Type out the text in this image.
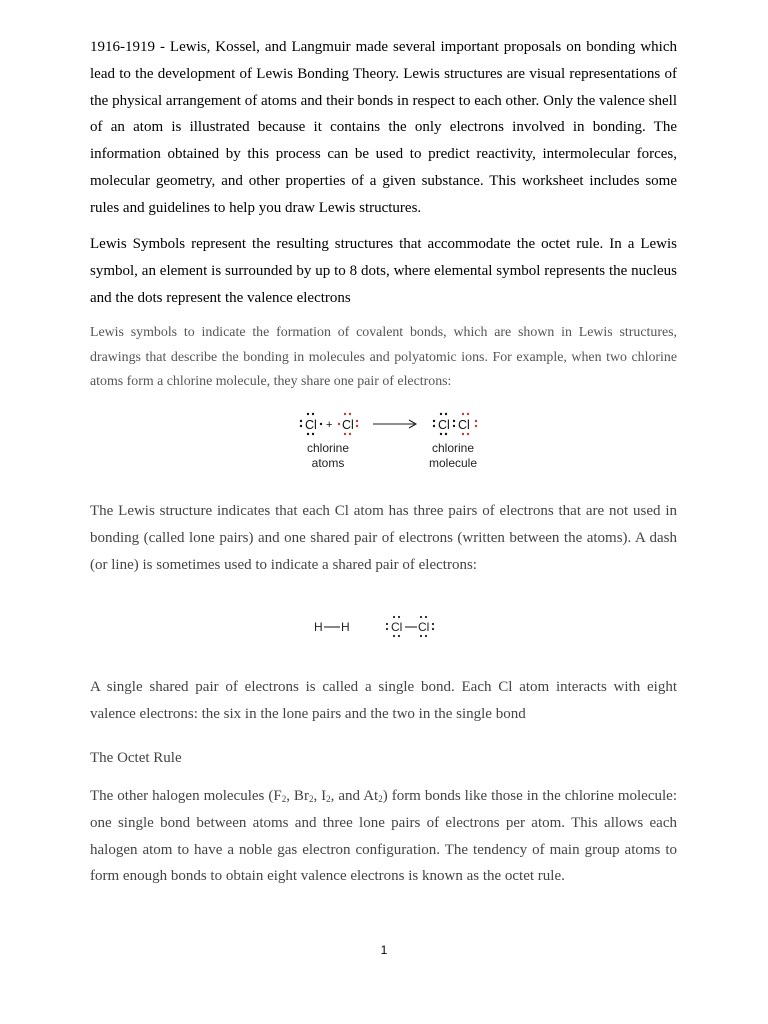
1916-1919 - Lewis, Kossel, and Langmuir made several important proposals on bonding which lead to the development of Lewis Bonding Theory. Lewis structures are visual representations of the physical arrangement of atoms and their bonds in respect to each other. Only the valence shell of an atom is illustrated because it contains the only electrons involved in bonding. The information obtained by this process can be used to predict reactivity, intermolecular forces, molecular geometry, and other properties of a given substance. This worksheet includes some rules and guidelines to help you draw Lewis structures.

Lewis Symbols represent the resulting structures that accommodate the octet rule. In a Lewis symbol, an element is surrounded by up to 8 dots, where elemental symbol represents the nucleus and the dots represent the valence electrons

Lewis symbols to indicate the formation of covalent bonds, which are shown in Lewis structures, drawings that describe the bonding in molecules and polyatomic ions. For example, when two chlorine atoms form a chlorine molecule, they share one pair of electrons:

Cl + Cl	Cl Cl
chlorine
atoms
chlorine
molecule

The Lewis structure indicates that each Cl atom has three pairs of electrons that are not used in bonding (called lone pairs) and one shared pair of electrons (written between the atoms). A dash (or line) is sometimes used to indicate a shared pair of electrons:

H H	Cl Cl

A single shared pair of electrons is called a single bond. Each Cl atom interacts with eight valence electrons: the six in the lone pairs and the two in the single bond

The Octet Rule

The other halogen molecules ($F_2$, $Br_2$, $I_2$, and $At_2$) form bonds like those in the chlorine molecule: one single bond between atoms and three lone pairs of electrons per atom. This allows each halogen atom to have a noble gas electron configuration. The tendency of main group atoms to form enough bonds to obtain eight valence electrons is known as the octet rule.

1
